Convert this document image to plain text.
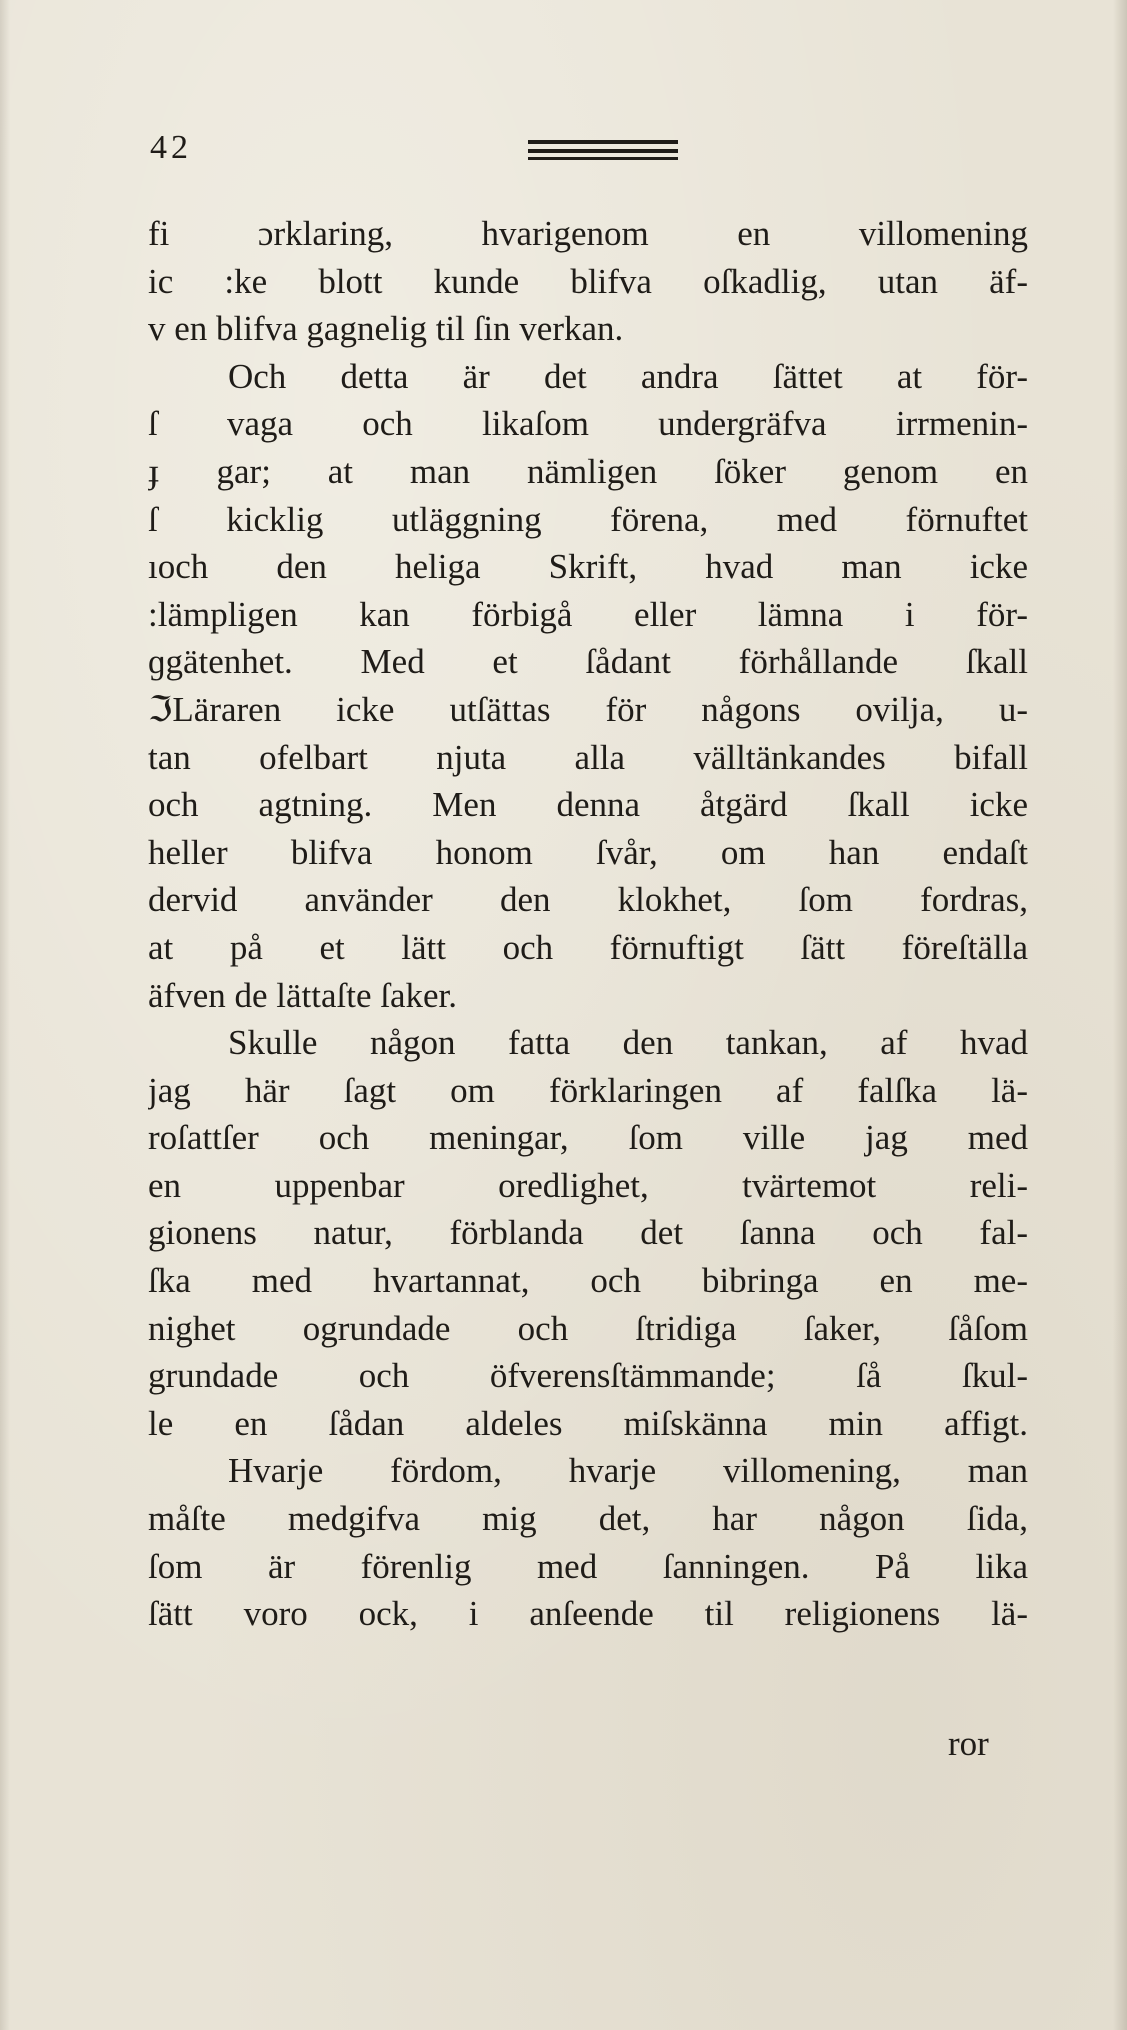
42
fi ɔrklaring, hvarigenom en villomening
ic :ke blott kunde blifva oſkadlig, utan äf-
v en blifva gagnelig til ſin verkan.
Och detta är det andra ſättet at för-
ſ vaga och likaſom undergräfva irrmenin-
ɟ gar; at man nämligen ſöker genom en
ſ kicklig utläggning förena, med förnuftet
ıoch den heliga Skrift, hvad man icke
:lämpligen kan förbigå eller lämna i för-
ɡgätenhet. Med et ſådant förhållande ſkall
ℑLäraren icke utſättas för någons ovilja, u-
tan ofelbart njuta alla välltänkandes bifall
och agtning. Men denna åtgärd ſkall icke
heller blifva honom ſvår, om han endaſt
dervid använder den klokhet, ſom fordras,
at på et lätt och förnuftigt ſätt föreſtälla
äfven de lättaſte ſaker.
Skulle någon fatta den tankan, af hvad
jag här ſagt om förklaringen af falſka lä-
roſattſer och meningar, ſom ville jag med
en uppenbar oredlighet, tvärtemot reli-
gionens natur, förblanda det ſanna och fal-
ſka med hvartannat, och bibringa en me-
nighet ogrundade och ſtridiga ſaker, ſåſom
grundade och öfverensſtämmande; ſå ſkul-
le en ſådan aldeles miſskänna min affigt.
Hvarje fördom, hvarje villomening, man
måſte medgifva mig det, har någon ſida,
ſom är förenlig med ſanningen. På lika
ſätt voro ock, i anſeende til religionens lä-
ror
